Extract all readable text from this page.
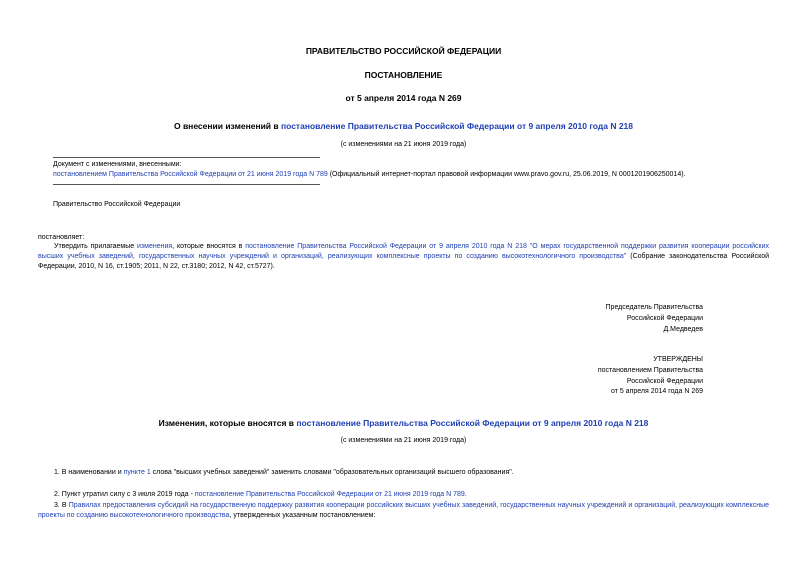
ПРАВИТЕЛЬСТВО РОССИЙСКОЙ ФЕДЕРАЦИИ
ПОСТАНОВЛЕНИЕ
от 5 апреля 2014 года N 269
О внесении изменений в постановление Правительства Российской Федерации от 9 апреля 2010 года N 218
(с изменениями на 21 июня 2019 года)
Документ с изменениями, внесенными:
постановлением Правительства Российской Федерации от 21 июня 2019 года N 789 (Официальный интернет-портал правовой информации www.pravo.gov.ru, 25.06.2019, N 0001201906250014).
Правительство Российской Федерации
постановляет:
Утвердить прилагаемые изменения, которые вносятся в постановление Правительства Российской Федерации от 9 апреля 2010 года N 218 "О мерах государственной поддержки развития кооперации российских высших учебных заведений, государственных научных учреждений и организаций, реализующих комплексные проекты по созданию высокотехнологичного производства" (Собрание законодательства Российской Федерации, 2010, N 16, ст.1905; 2011, N 22, ст.3180; 2012, N 42, ст.5727).
Председатель Правительства
Российской Федерации
Д.Медведев
УТВЕРЖДЕНЫ
постановлением Правительства
Российской Федерации
от 5 апреля 2014 года N 269
Изменения, которые вносятся в постановление Правительства Российской Федерации от 9 апреля 2010 года N 218
(с изменениями на 21 июня 2019 года)
1. В наименовании и пункте 1 слова "высших учебных заведений" заменить словами "образовательных организаций высшего образования".
2. Пункт утратил силу с 3 июля 2019 года - постановление Правительства Российской Федерации от 21 июня 2019 года N 789.
3. В Правилах предоставления субсидий на государственную поддержку развития кооперации российских высших учебных заведений, государственных научных учреждений и организаций, реализующих комплексные проекты по созданию высокотехнологичного производства, утвержденных указанным постановлением:
